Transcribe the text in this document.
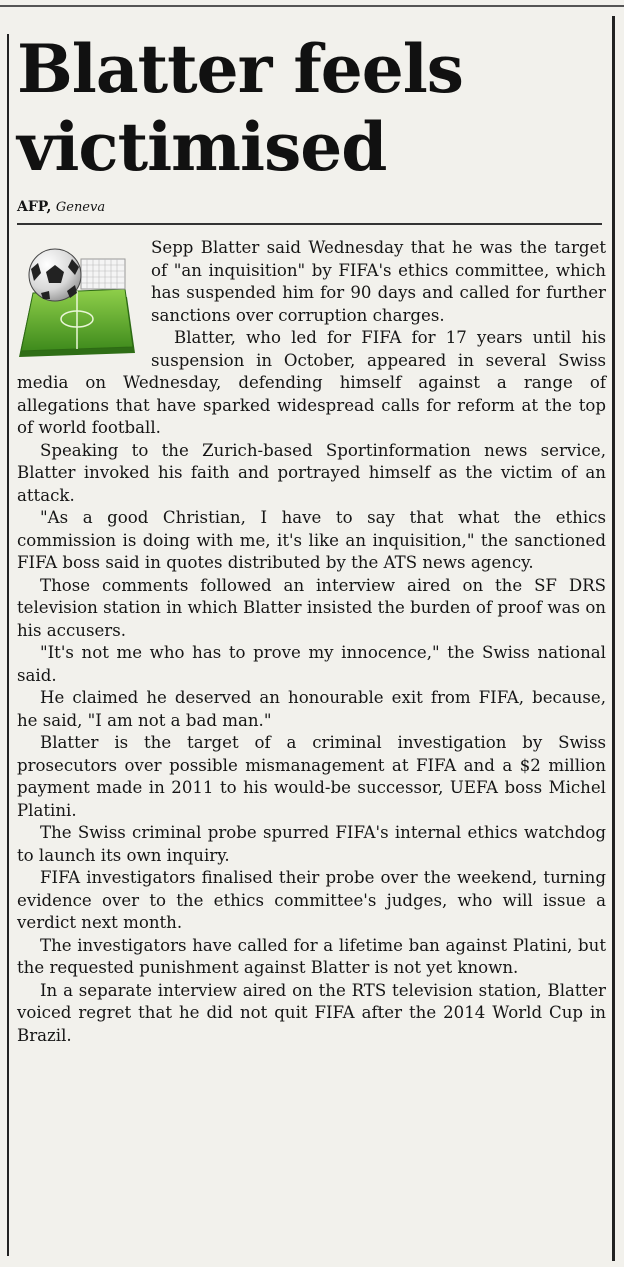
Blatter feels
victimised
AFP, Geneva

Sepp Blatter said Wednesday that he was the target of "an inquisition" by FIFA's ethics committee, which has suspended him for 90 days and called for further sanctions over corruption charges.

Blatter, who led for FIFA for 17 years until his suspension in October, appeared in several Swiss media on Wednesday, defending himself against a range of allegations that have sparked widespread calls for reform at the top of world football.

Speaking to the Zurich-based Sportinformation news service, Blatter invoked his faith and portrayed himself as the victim of an attack.

"As a good Christian, I have to say that what the ethics commission is doing with me, it's like an inquisition," the sanctioned FIFA boss said in quotes distributed by the ATS news agency.

Those comments followed an interview aired on the SF DRS television station in which Blatter insisted the burden of proof was on his accusers.

"It's not me who has to prove my innocence," the Swiss national said.

He claimed he deserved an honourable exit from FIFA, because, he said, "I am not a bad man."

Blatter is the target of a criminal investigation by Swiss prosecutors over possible mismanagement at FIFA and a $2 million payment made in 2011 to his would-be successor, UEFA boss Michel Platini.

The Swiss criminal probe spurred FIFA's internal ethics watchdog to launch its own inquiry.

FIFA investigators finalised their probe over the weekend, turning evidence over to the ethics committee's judges, who will issue a verdict next month.

The investigators have called for a lifetime ban against Platini, but the requested punishment against Blatter is not yet known.

In a separate interview aired on the RTS television station, Blatter voiced regret that he did not quit FIFA after the 2014 World Cup in Brazil.
